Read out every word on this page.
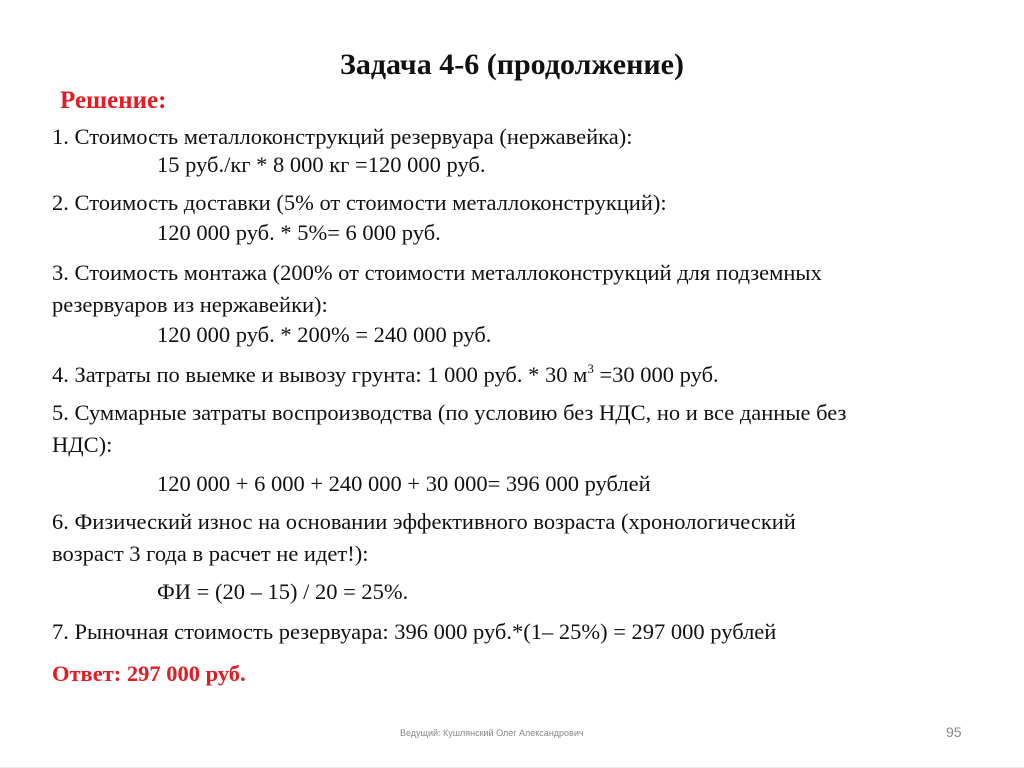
Задача 4-6 (продолжение)
Решение:
1. Стоимость металлоконструкций резервуара (нержавейка):
15 руб./кг * 8 000 кг =120 000 руб.
2. Стоимость доставки (5% от стоимости металлоконструкций):
120 000 руб. * 5%= 6 000 руб.
3. Стоимость монтажа (200% от стоимости металлоконструкций для подземных
резервуаров из нержавейки):
120 000 руб. * 200% = 240 000 руб.
4. Затраты по выемке и вывозу грунта: 1 000 руб. * 30 $м^3 =30$ 000 руб.
5. Суммарные затраты воспроизводства (по условию без НДС, но и все данные без
НДС):
120 000 + 6 000 + 240 000 + 30 000= 396 000 рублей
6. Физический износ на основании эффективного возраста (хронологический
возраст 3 года в расчет не идет!):
ФИ = (20 – 15) / 20 = 25%.
7. Рыночная стоимость резервуара: 396 000 руб.*(1– 25%) = 297 000 рублей
Ответ: 297 000 руб.
Ведущий: Кушлянский Олег Александрович	95
